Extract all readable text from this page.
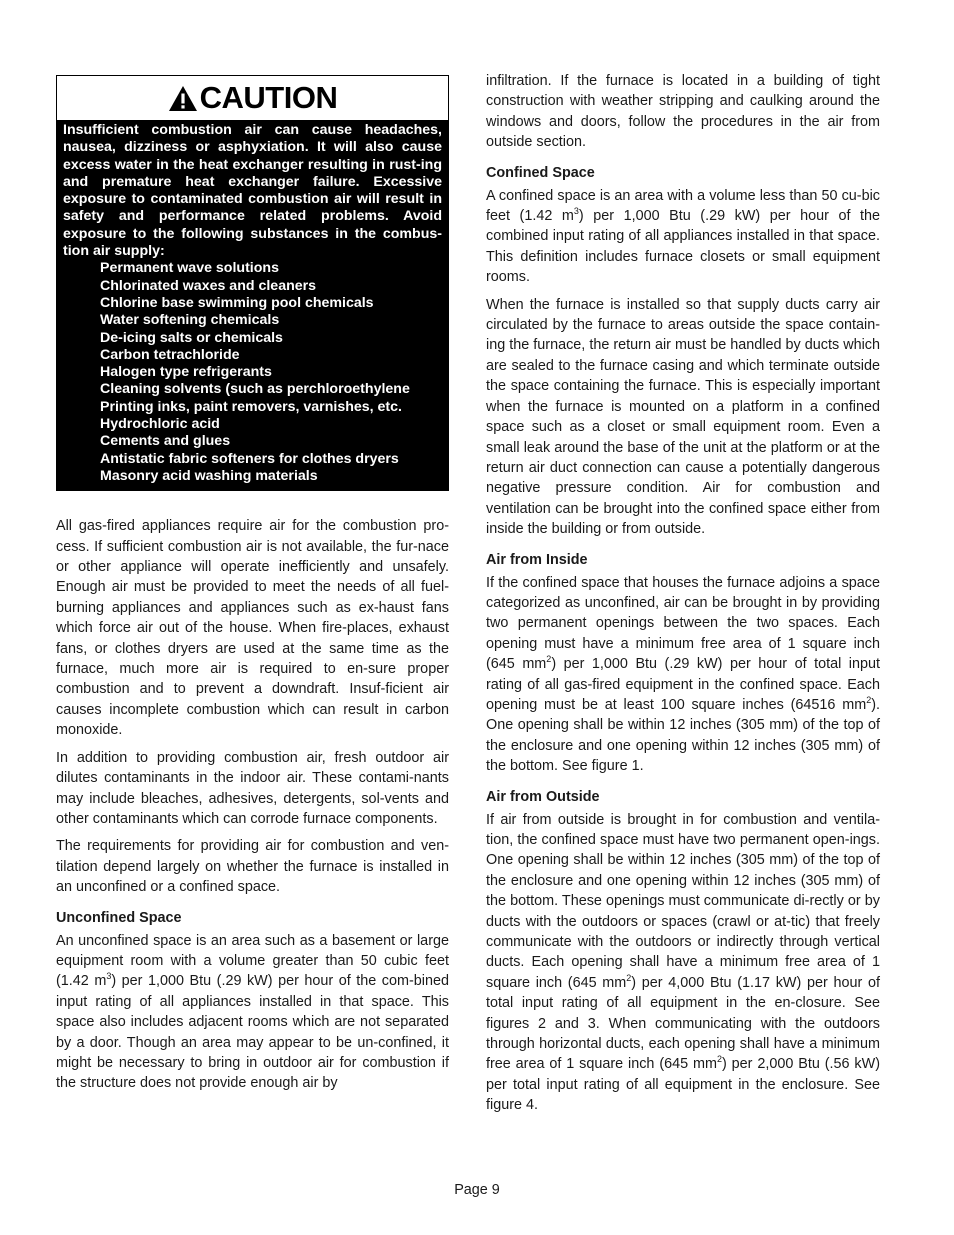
CAUTION

Insufficient combustion air can cause headaches, nausea, dizziness or asphyxiation. It will also cause excess water in the heat exchanger resulting in rust-ing and premature heat exchanger failure. Excessive exposure to contaminated combustion air will result in safety and performance related problems. Avoid exposure to the following substances in the combus-tion air supply:

Permanent wave solutions
Chlorinated waxes and cleaners
Chlorine base swimming pool chemicals
Water softening chemicals
De-icing salts or chemicals
Carbon tetrachloride
Halogen type refrigerants
Cleaning solvents (such as perchloroethylene
Printing inks, paint removers, varnishes, etc.
Hydrochloric acid
Cements and glues
Antistatic fabric softeners for clothes dryers
Masonry acid washing materials

All gas-fired appliances require air for the combustion pro-cess. If sufficient combustion air is not available, the fur-nace or other appliance will operate inefficiently and unsafely. Enough air must be provided to meet the needs of all fuel-burning appliances and appliances such as ex-haust fans which force air out of the house. When fire-places, exhaust fans, or clothes dryers are used at the same time as the furnace, much more air is required to en-sure proper combustion and to prevent a downdraft. Insuf-ficient air causes incomplete combustion which can result in carbon monoxide.

In addition to providing combustion air, fresh outdoor air dilutes contaminants in the indoor air. These contami-nants may include bleaches, adhesives, detergents, sol-vents and other contaminants which can corrode furnace components.

The requirements for providing air for combustion and ven-tilation depend largely on whether the furnace is installed in an unconfined or a confined space.

Unconfined Space

An unconfined space is an area such as a basement or large equipment room with a volume greater than 50 cubic feet (1.42 $m^3$) per 1,000 Btu (.29 kW) per hour of the com-bined input rating of all appliances installed in that space. This space also includes adjacent rooms which are not separated by a door. Though an area may appear to be un-confined, it might be necessary to bring in outdoor air for combustion if the structure does not provide enough air by

infiltration. If the furnace is located in a building of tight construction with weather stripping and caulking around the windows and doors, follow the procedures in the air from outside section.

Confined Space

A confined space is an area with a volume less than 50 cu-bic feet (1.42 $m^3$) per 1,000 Btu (.29 kW) per hour of the combined input rating of all appliances installed in that space. This definition includes furnace closets or small equipment rooms.

When the furnace is installed so that supply ducts carry air circulated by the furnace to areas outside the space contain-ing the furnace, the return air must be handled by ducts which are sealed to the furnace casing and which terminate outside the space containing the furnace. This is especially important when the furnace is mounted on a platform in a confined space such as a closet or small equipment room. Even a small leak around the base of the unit at the platform or at the return air duct connection can cause a potentially dangerous negative pressure condition. Air for combustion and ventilation can be brought into the confined space either from inside the building or from outside.

Air from Inside

If the confined space that houses the furnace adjoins a space categorized as unconfined, air can be brought in by providing two permanent openings between the two spaces. Each opening must have a minimum free area of 1 square inch (645 $mm^2$) per 1,000 Btu (.29 kW) per hour of total input rating of all gas-fired equipment in the confined space. Each opening must be at least 100 square inches (64516 $mm^2$). One opening shall be within 12 inches (305 mm) of the top of the enclosure and one opening within 12 inches (305 mm) of the bottom. See figure 1.

Air from Outside

If air from outside is brought in for combustion and ventila-tion, the confined space must have two permanent open-ings. One opening shall be within 12 inches (305 mm) of the top of the enclosure and one opening within 12 inches (305 mm) of the bottom. These openings must communicate di-rectly or by ducts with the outdoors or spaces (crawl or at-tic) that freely communicate with the outdoors or indirectly through vertical ducts. Each opening shall have a minimum free area of 1 square inch (645 $mm^2$) per 4,000 Btu (1.17 kW) per hour of total input rating of all equipment in the en-closure. See figures 2 and 3. When communicating with the outdoors through horizontal ducts, each opening shall have a minimum free area of 1 square inch (645 $mm^2$) per 2,000 Btu (.56 kW) per total input rating of all equipment in the enclosure. See figure 4.

Page 9
